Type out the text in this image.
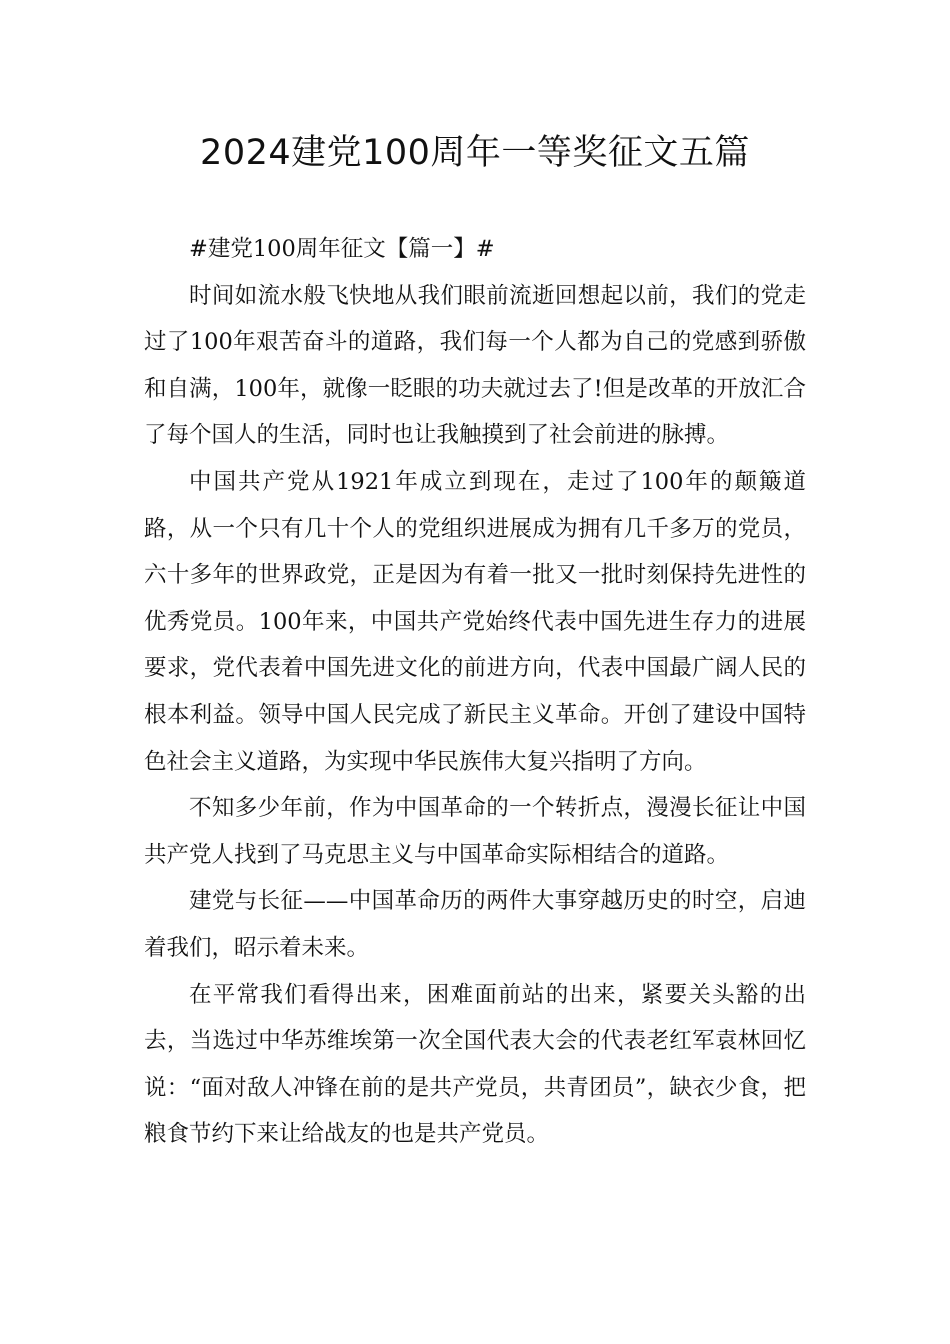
2024建党100周年一等奖征文五篇

#建党100周年征文【篇一】#

时间如流水般飞快地从我们眼前流逝回想起以前，我们的党走过了100年艰苦奋斗的道路，我们每一个人都为自己的党感到骄傲和自满，100年，就像一眨眼的功夫就过去了!但是改革的开放汇合了每个国人的生活，同时也让我触摸到了社会前进的脉搏。

中国共产党从1921年成立到现在，走过了100年的颠簸道路，从一个只有几十个人的党组织进展成为拥有几千多万的党员，六十多年的世界政党，正是因为有着一批又一批时刻保持先进性的优秀党员。100年来，中国共产党始终代表中国先进生存力的进展要求，党代表着中国先进文化的前进方向，代表中国最广阔人民的根本利益。领导中国人民完成了新民主义革命。开创了建设中国特色社会主义道路，为实现中华民族伟大复兴指明了方向。

不知多少年前，作为中国革命的一个转折点，漫漫长征让中国共产党人找到了马克思主义与中国革命实际相结合的道路。

建党与长征——中国革命历的两件大事穿越历史的时空，启迪着我们，昭示着未来。

在平常我们看得出来，困难面前站的出来，紧要关头豁的出去，当选过中华苏维埃第一次全国代表大会的代表老红军袁林回忆说：“面对敌人冲锋在前的是共产党员，共青团员”，缺衣少食，把粮食节约下来让给战友的也是共产党员。
